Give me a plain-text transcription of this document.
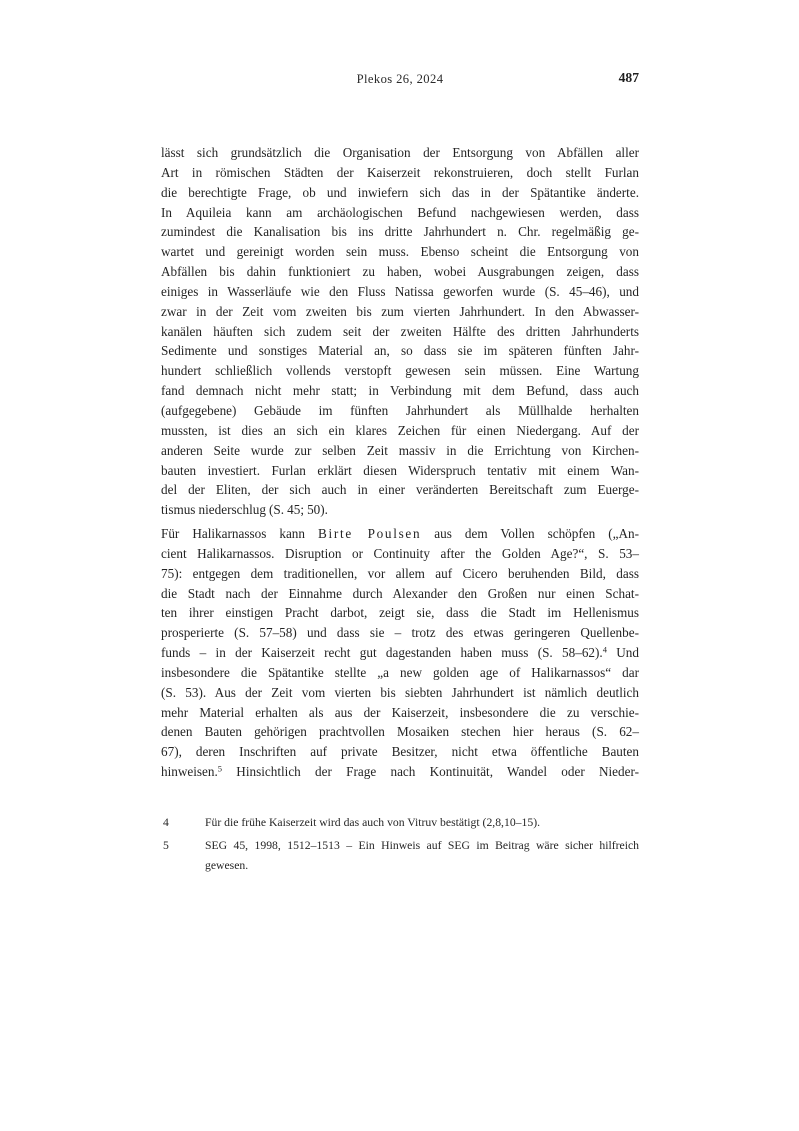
Plekos 26, 2024	487
lässt sich grundsätzlich die Organisation der Entsorgung von Abfällen aller
Art in römischen Städten der Kaiserzeit rekonstruieren, doch stellt Furlan
die berechtigte Frage, ob und inwiefern sich das in der Spätantike änderte.
In Aquileia kann am archäologischen Befund nachgewiesen werden, dass
zumindest die Kanalisation bis ins dritte Jahrhundert n. Chr. regelmäßig ge-
wartet und gereinigt worden sein muss. Ebenso scheint die Entsorgung von
Abfällen bis dahin funktioniert zu haben, wobei Ausgrabungen zeigen, dass
einiges in Wasserläufe wie den Fluss Natissa geworfen wurde (S. 45–46), und
zwar in der Zeit vom zweiten bis zum vierten Jahrhundert. In den Abwasser-
kanälen häuften sich zudem seit der zweiten Hälfte des dritten Jahrhunderts
Sedimente und sonstiges Material an, so dass sie im späteren fünften Jahr-
hundert schließlich vollends verstopft gewesen sein müssen. Eine Wartung
fand demnach nicht mehr statt; in Verbindung mit dem Befund, dass auch
(aufgegebene) Gebäude im fünften Jahrhundert als Müllhalde herhalten
mussten, ist dies an sich ein klares Zeichen für einen Niedergang. Auf der
anderen Seite wurde zur selben Zeit massiv in die Errichtung von Kirchen-
bauten investiert. Furlan erklärt diesen Widerspruch tentativ mit einem Wan-
del der Eliten, der sich auch in einer veränderten Bereitschaft zum Euerge-
tismus niederschlug (S. 45; 50).
Für Halikarnassos kann Birte Poulsen aus dem Vollen schöpfen („An-
cient Halikarnassos. Disruption or Continuity after the Golden Age?“, S. 53–
75): entgegen dem traditionellen, vor allem auf Cicero beruhenden Bild, dass
die Stadt nach der Einnahme durch Alexander den Großen nur einen Schat-
ten ihrer einstigen Pracht darbot, zeigt sie, dass die Stadt im Hellenismus
prosperierte (S. 57–58) und dass sie – trotz des etwas geringeren Quellenbe-
funds – in der Kaiserzeit recht gut dagestanden haben muss (S. 58–62).$^4$ Und
insbesondere die Spätantike stellte „a new golden age of Halikarnassos“ dar
(S. 53). Aus der Zeit vom vierten bis siebten Jahrhundert ist nämlich deutlich
mehr Material erhalten als aus der Kaiserzeit, insbesondere die zu verschie-
denen Bauten gehörigen prachtvollen Mosaiken stechen hier heraus (S. 62–
67), deren Inschriften auf private Besitzer, nicht etwa öffentliche Bauten
hinweisen.$^5$ Hinsichtlich der Frage nach Kontinuität, Wandel oder Nieder-
4	Für die frühe Kaiserzeit wird das auch von Vitruv bestätigt (2,8,10–15).
5	SEG 45, 1998, 1512–1513 – Ein Hinweis auf SEG im Beitrag wäre sicher hilfreich
gewesen.
